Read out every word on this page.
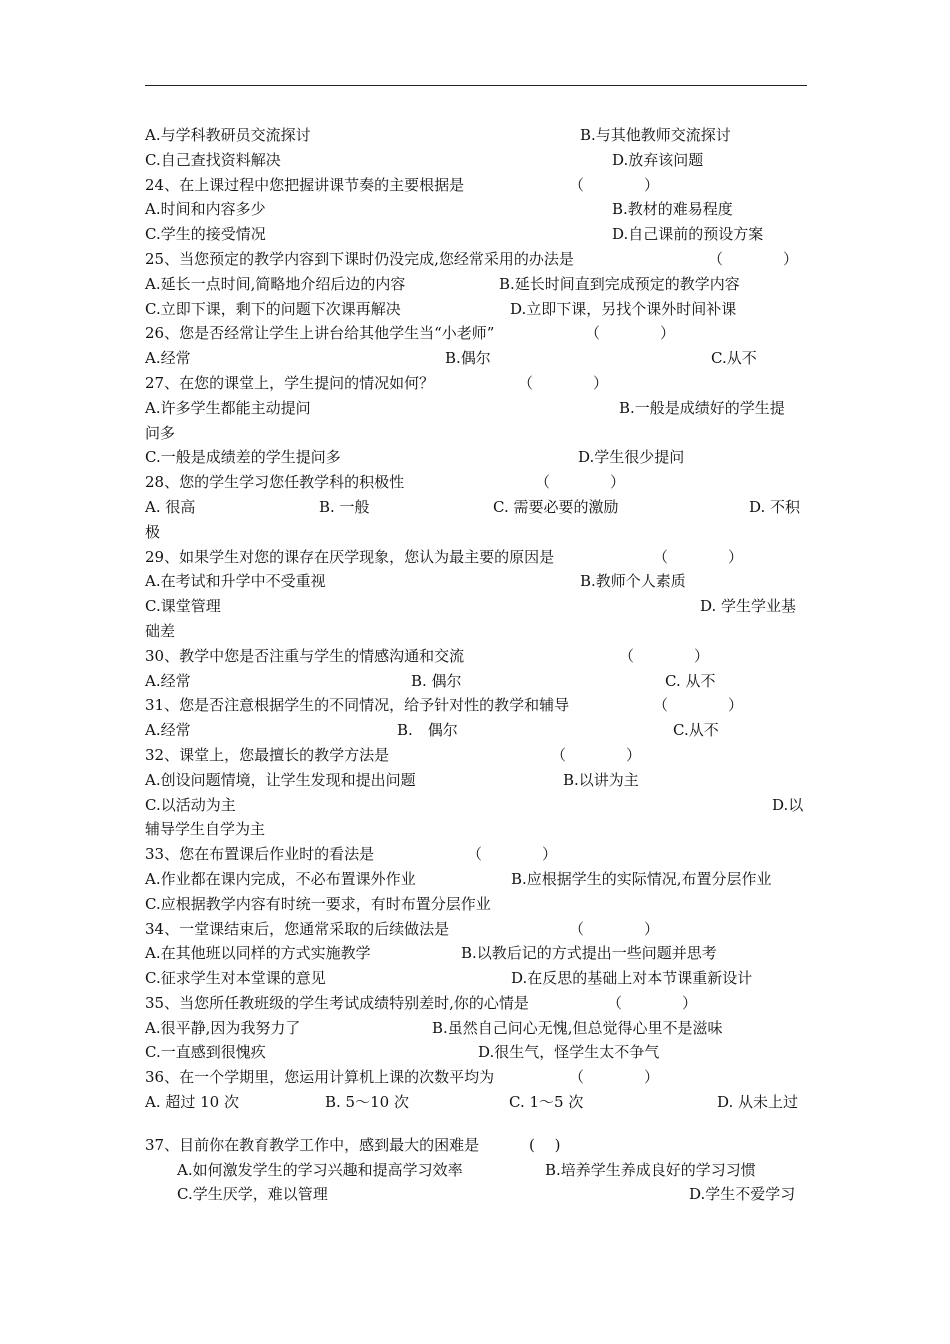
A.与学科教研员交流探讨	B.与其他教师交流探讨
C.自己查找资料解决	D.放弃该问题
24、在上课过程中您把握讲课节奏的主要根据是	（　　　　）
A.时间和内容多少	B.教材的难易程度
C.学生的接受情况	D.自己课前的预设方案
25、当您预定的教学内容到下课时仍没完成,您经常采用的办法是	（　　　　）
A.延长一点时间,简略地介绍后边的内容	B.延长时间直到完成预定的教学内容
C.立即下课，剩下的问题下次课再解决	D.立即下课，另找个课外时间补课
26、您是否经常让学生上讲台给其他学生当“小老师”	（　　　　）
A.经常	B.偶尔	C.从不
27、在您的课堂上，学生提问的情况如何？	（　　　　）
A.许多学生都能主动提问	B.一般是成绩好的学生提
问多
C.一般是成绩差的学生提问多	D.学生很少提问
28、您的学生学习您任教学科的积极性	（　　　　）
A. 很高	B. 一般	C. 需要必要的激励	D. 不积
极
29、如果学生对您的课存在厌学现象，您认为最主要的原因是	（　　　　）
A.在考试和升学中不受重视	B.教师个人素质
C.课堂管理	D. 学生学业基
础差
30、教学中您是否注重与学生的情感沟通和交流	（　　　　）
A.经常	B. 偶尔	C. 从不
31、您是否注意根据学生的不同情况，给予针对性的教学和辅导	（　　　　）
A.经常	B.　偶尔	C.从不
32、课堂上，您最擅长的教学方法是	（　　　　）
A.创设问题情境，让学生发现和提出问题	B.以讲为主
C.以活动为主	D.以
辅导学生自学为主
33、您在布置课后作业时的看法是	（　　　　）
A.作业都在课内完成，不必布置课外作业	B.应根据学生的实际情况,布置分层作业
C.应根据教学内容有时统一要求，有时布置分层作业
34、一堂课结束后，您通常采取的后续做法是	（　　　　）
A.在其他班以同样的方式实施教学	B.以教后记的方式提出一些问题并思考
C.征求学生对本堂课的意见	D.在反思的基础上对本节课重新设计
35、当您所任教班级的学生考试成绩特别差时,你的心情是	（　　　　）
A.很平静,因为我努力了	B.虽然自己问心无愧,但总觉得心里不是滋味
C.一直感到很愧疚	D.很生气，怪学生太不争气
36、在一个学期里，您运用计算机上课的次数平均为	（　　　　）
A. 超过 10 次	B. 5～10 次	C. 1～5 次	D. 从未上过
37、目前你在教育教学工作中，感到最大的困难是	(　 )
A.如何激发学生的学习兴趣和提高学习效率	B.培养学生养成良好的学习习惯
C.学生厌学，难以管理	D.学生不爱学习
